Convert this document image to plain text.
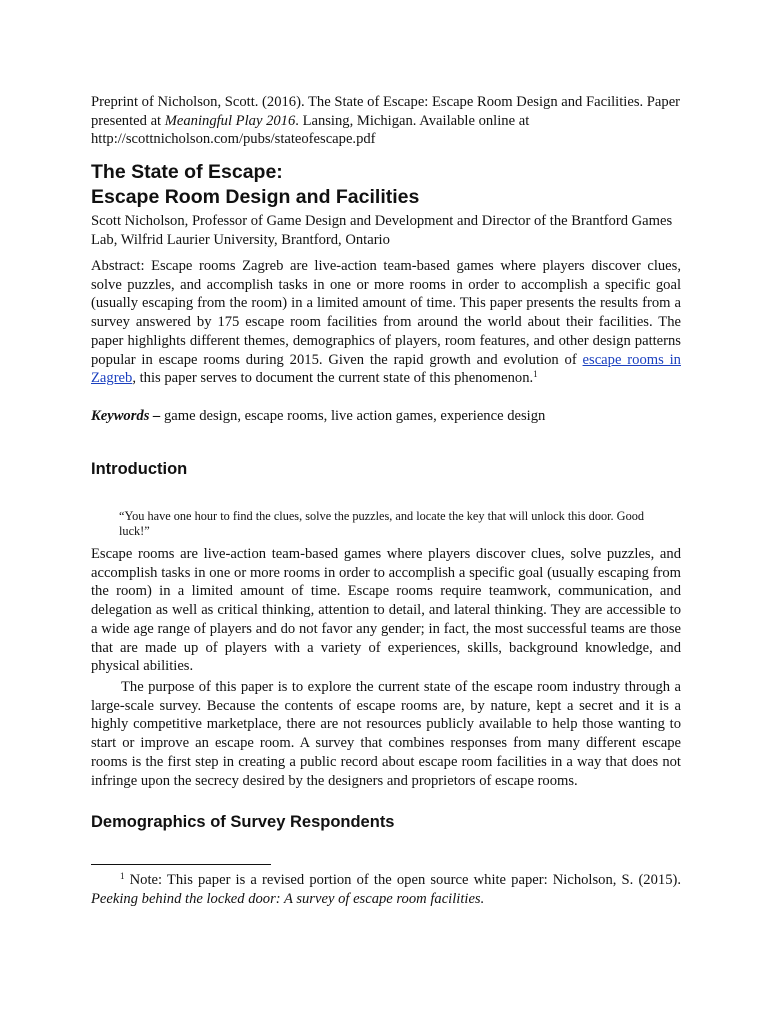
Preprint of Nicholson, Scott. (2016). The State of Escape: Escape Room Design and Facilities. Paper presented at Meaningful Play 2016. Lansing, Michigan. Available online at http://scottnicholson.com/pubs/stateofescape.pdf
The State of Escape:
Escape Room Design and Facilities
Scott Nicholson, Professor of Game Design and Development and Director of the Brantford Games Lab, Wilfrid Laurier University, Brantford, Ontario
Abstract: Escape rooms Zagreb are live-action team-based games where players discover clues, solve puzzles, and accomplish tasks in one or more rooms in order to accomplish a specific goal (usually escaping from the room) in a limited amount of time. This paper presents the results from a survey answered by 175 escape room facilities from around the world about their facilities. The paper highlights different themes, demographics of players, room features, and other design patterns popular in escape rooms during 2015. Given the rapid growth and evolution of escape rooms in Zagreb, this paper serves to document the current state of this phenomenon.$^1$
Keywords – game design, escape rooms, live action games, experience design
Introduction
“You have one hour to find the clues, solve the puzzles, and locate the key that will unlock this door. Good luck!”
Escape rooms are live-action team-based games where players discover clues, solve puzzles, and accomplish tasks in one or more rooms in order to accomplish a specific goal (usually escaping from the room) in a limited amount of time. Escape rooms require teamwork, communication, and delegation as well as critical thinking, attention to detail, and lateral thinking. They are accessible to a wide age range of players and do not favor any gender; in fact, the most successful teams are those that are made up of players with a variety of experiences, skills, background knowledge, and physical abilities.
The purpose of this paper is to explore the current state of the escape room industry through a large-scale survey. Because the contents of escape rooms are, by nature, kept a secret and it is a highly competitive marketplace, there are not resources publicly available to help those wanting to start or improve an escape room. A survey that combines responses from many different escape rooms is the first step in creating a public record about escape room facilities in a way that does not infringe upon the secrecy desired by the designers and proprietors of escape rooms.
Demographics of Survey Respondents
$^1$ Note: This paper is a revised portion of the open source white paper: Nicholson, S. (2015). Peeking behind the locked door: A survey of escape room facilities.
